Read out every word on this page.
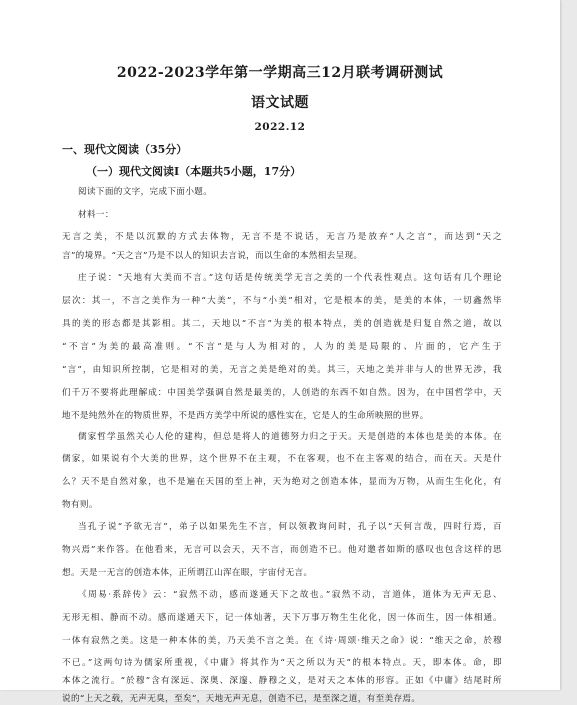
2022-2023学年第一学期高三12月联考调研测试
语文试题
2022.12
一、现代文阅读（35分）
（一）现代文阅读Ⅰ（本题共5小题，17分）
阅读下面的文字，完成下面小题。
材料一：
无言之美，不是以沉默的方式去体物，无言不是不说话，无言乃是放弃“人之言”，而达到“天之
言”的境界。“天之言”乃是不以人的知识去言说，而以生命的本然相去呈现。
庄子说：“天地有大美而不言。”这句话是传统美学无言之美的一个代表性观点。这句话有几个理论
层次：其一，不言之美作为一种“大美”，不与“小美”相对，它是根本的美，是美的本体，一切鑫然毕
具的美的形态都是其影相。其二，天地以“不言”为美的根本特点，美的创造就是归复自然之道，故以
“不言”为美的最高准则。“不言”是与人为相对的，人为的美是局限的、片面的，它产生于
“言”，由知识所控制，它是相对的美，无言之美是绝对的美。其三，天地之美并非与人的世界无涉，我
们千万不要将此理解成：中国美学强调自然是最美的，人创造的东西不如自然。因为，在中国哲学中，天
地不是纯然外在的物质世界，不是西方美学中所说的感性实在，它是人的生命所映照的世界。
儒家哲学虽然关心人伦的建构，但总是将人的道德努力归之于天。天是创造的本体也是美的本体。在
儒家，如果说有个大美的世界，这个世界不在主观，不在客观，也不在主客观的结合，而在天。天是什
么？天不是自然对象，也不是遍在天国的至上神，天为绝对之创造本体，显而为万物，从而生生化化，有
物有则。
当孔子说“予欲无言”，弟子以如果先生不言，何以领教询问时，孔子以“天何言哉，四时行焉，百
物兴焉”来作答。在他看来，无言可以会天，天不言，而创造不已。他对邀者如斯的感叹也包含这样的思
想。天是一无言的创造本体，正所谓江山浑在眼，宇宙付无言。
《周易·系辞传》云：“寂然不动，感而遂通天下之故也。”寂然不动，言道体，道体为无声无息、
无形无相、静而不动。感而遂通天下，记一体灿著，天下万事万物生生化化，因一体而生，因一体相通。
一体有寂然之美。这是一种本体的美，乃天美不言之美。在《诗·周颂·维天之命》说：“维天之命，於穆
不已。”这两句诗为儒家所重视，《中庸》将其作为“天之所以为天”的根本特点。天，即本体。命，即
本体之流行。“於穆”含有深远、深奥、深邃、静穆之义，是对天之本体的形容。正如《中庸》结尾时所
说的“上天之载，无声无臭，至矣”，天地无声无息，创造不已，是至深之道，有至美存焉。
